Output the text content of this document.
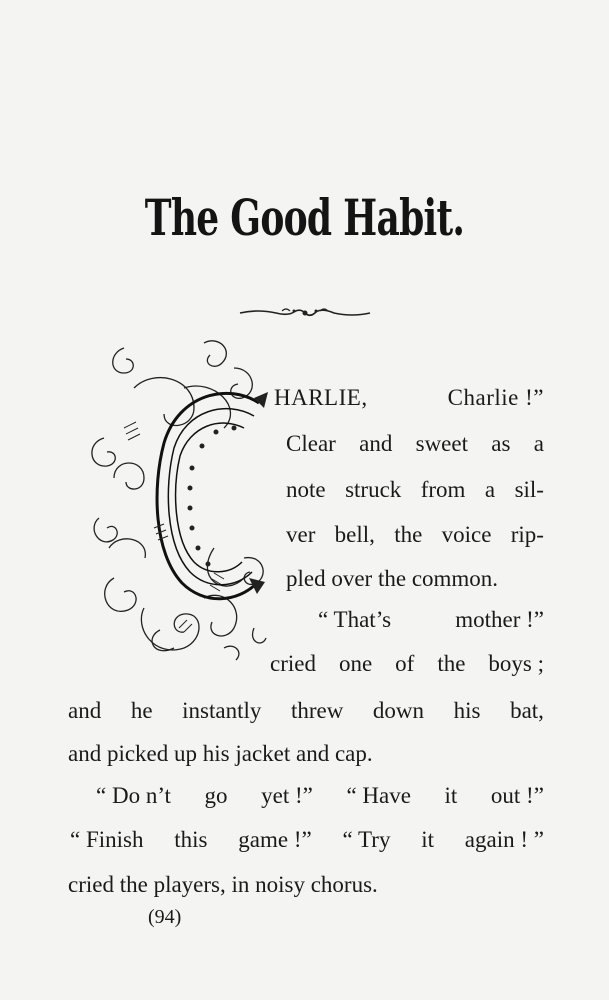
The Good Habit.
HARLIE,	Charlie !”
Clear and sweet as a
note struck from a sil-
ver bell, the voice rip-
pled over the common.
“ That’s	mother !”
cried one of the boys ;
and he instantly threw down his bat,
and picked up his jacket and cap.
“ Do n’t go yet !” “ Have it out !”
“ Finish this game !” “ Try it again ! ”
cried the players, in noisy chorus.
(94)
